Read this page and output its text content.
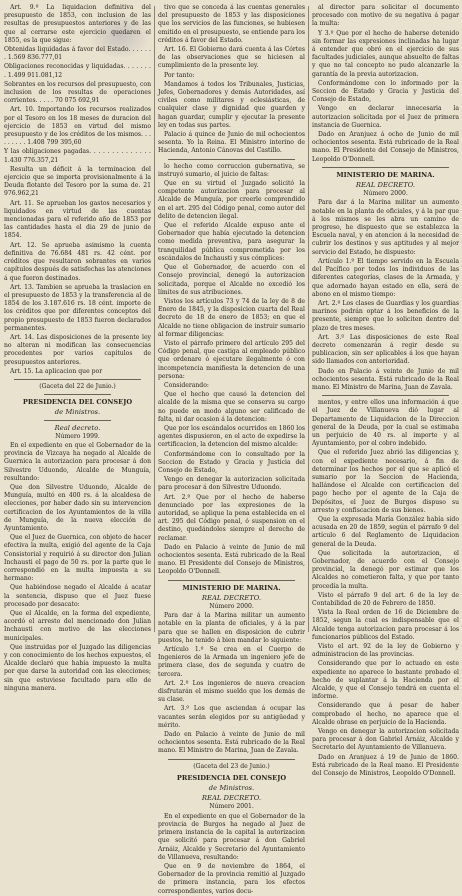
Art. 9.º La liquidacion definitiva del presupuesto de 1853, con inclusion de las resultas de presupuestos anteriores y de las que al cerrarse este ejercicio quedaren el 1855, es la que sigue:

Obtenidas liquidadas á favor del Estado. . . . . . . 1.569 836.777,01

Obligaciones reconocidas y liquidadas. . . . . . . . 1.499 911.081,12

Sobrantes en los recursos del presupuesto, con inclusion de los resultas de operaciones corrientes. . . . . 70 075 692,91

Art. 10. Importando los recursos realizados por el Tesoro en los 18 meses de duracion del ejercicio de 1853 en virtud del mismo presupuesto y de los créditos de los mismos. . . . . . . . . 1.408 799 395,60

Y las obligaciones pagadas. . . . . . . . . . . . . . 1.430 776.357,21

Resulta un déficit á la terminacion del ejercicio que se importa provisionalmente á la Deuda flotante del Tesoro por la suma de. 21 976.962,21

Art. 11. Se aprueban los gastos necesarios y liquidados en virtud de las cuentas mencionadas para el referido año de 1853 por las cantidades hasta el dia 29 de junio de 1854.

Art. 12. Se aprueba asimismo la cuenta definitiva de 76.684 481 rs. 42 cént. por créditos que resultaron sobrantes en varios capítulos después de satisfechas las atenciones á que fueron destinados.

Art. 13. Tambien se aprueba la traslacion en el presupuesto de 1853 y la transferencia al de 1854 de los 3.187.616 rs. 18 cént. importe de los créditos que por diferentes conceptos del propio presupuesto de 1853 fueron declarados permanentes.

Art. 14. Las disposiciones de la presente ley no alteran ni modifican las consecuencias procedentes por varios capítulos de presupuestos anteriores.

Art. 15. La aplicacion que por

(Gaceta del 22 de Junio.)

PRESIDENCIA DEL CONSEJO

de Ministros.

Real decreto.

Número 1999.

En el expediente en que el Gobernador de la provincia de Vizcaya ha negado al Alcalde de Guernica la autorizacion para procesar á don Silvestre Uduondo, Alcalde de Munguía, resultando:

Que don Silvestre Uduondo, Alcalde de Munguía, multó en 400 rs. á la alcaldesa de elecciones, por haber dado sin su intervencion certificacion de los Ayuntamientos de la villa de Munguía, de la nueva elección de Ayuntamiento.

Que el Juez de Guernica, con objeto de hacer efectiva la multa, exigió del agente de la Caja Consistorial y requirió á su director don Julian Inchausti el pago de 50 rs. por la parte que le correspondió en la multa impuesta a su hermano:

Que habiéndose negado el Alcalde á acatar la sentencia, dispuso que el Juez fuese procesado por desacato:

Que el Alcalde, en la forma del expediente, acordó el arresto del mencionado don Julian Inchausti con motivo de las elecciones municipales.

Que instruidas por el Juzgado las diligencias y con conocimiento de los hechos expuestos, el Alcalde declaró que había impuesto la multa por que darse la autoridad con las elecciones; sin que estuviese facultado para ello de ninguna manera.

tivo que se conceda á las cuentas generales del presupuesto de 1853 y las disposiciones que los servicios de las funciones, se hubiesen emitido en el presupuesto, se entiende para los créditos á favor del Estado.

Art. 16. El Gobierno dará cuenta á las Córtes de las observaciones que se hiciesen al cumplimiento de la presente ley.

Por tanto:

Mandamos á todos los Tribunales, Justicias, Jefes, Gobernadores y demás Autoridades, así civiles como militares y eclesiásticas, de cualquier clase y dignidad que guarden y hagan guardar, cumplir y ejecutar la presente ley en todas sus partes.

Palacio á quince de Junio de mil ochocientos sesenta. Yo la Reina. El Ministro interino de Hacienda, Antonio Cánovas del Castillo.

lo hecho como corruccion gubernativa, se instruyó sumario, el juicio de faltas:

Que en su virtud el Juzgado solicitó la competente autorizacion para procesar al Alcalde de Munguía, por creerle comprendido en el art. 295 del Código penal, como autor del delito de detencion ilegal.

Que el referido Alcalde expuso ante el Gobernador que había ejecutado la detencion como medida preventiva, para asegurar la tranquilidad pública comprometida por los escándalos de Inchausti y sus cómplices:

Que el Gobernador, de acuerdo con el Consejo provincial, denegó la autorizacion solicitada, porque el Alcalde no excedió los límites de sus atribuciones.

Vistos los artículos 73 y 74 de la ley de 8 de Enero de 1845, y la disposicion cuarta del Real decreto de 18 de enero de 1853; en que el Alcalde no tiene obligacion de instruir sumario al formar diligencias:

Visto el párrafo primero del artículo 295 del Código penal, que castiga al empleado público que ordenare ó ejecutare ilegalmente ó con incompetencia manifiesta la detencion de una persona:

Considerando:

Que el hecho que causó la detencion del alcalde de la misma que se conserva su cargo no puede en modo alguno ser calificado de falta, ni dar ocasion á la detencion:

Que por los escándalos ocurridos en 1860 los agentes dispusieron, en el acto de expedirse la certificacion, la detencion del mismo alcalde:

Conformándome con lo consultado por la Seccion de Estado y Gracia y Justicia del Consejo de Estado,

Vengo en denegar la autorizacion solicitada para procesar á don Silvestre Uduondo.

Art. 2.º Que por el hecho de haberse denunciado por las expresiones de la autoridad, se aplique la pena establecida en el art. 295 del Código penal, ó suspension en el destino, quedándoles siempre el derecho de reclamar.

Dado en Palacio á veinte de Junio de mil ochocientos sesenta. Está rubricado de la Real mano. El Presidente del Consejo de Ministros, Leopoldo O'Donnell.

MINISTERIO DE MARINA.

REAL DECRETO.

Número 2000.

Para dar á la Marina militar un aumento notable en la planta de oficiales, y á la par para que se hallen en disposicion de cubrir puestos, he tenido á bien mandar lo siguiente:

Artículo 1.º Se crea en el Cuerpo de Ingenieros de la Armada un ingeniero jefe de primera clase, dos de segunda y cuatro de tercera.

Art. 2.º Los ingenieros de nueva creacion disfrutarán el mismo sueldo que los demás de su clase.

Art. 3.º Los que asciendan á ocupar las vacantes serán elegidos por su antigüedad y mérito.

Dado en Palacio á veinte de Junio de mil ochocientos sesenta. Está rubricado de la Real mano. El Ministro de Marina, Juan de Zavala.

(Gaceta del 23 de Junio.)

PRESIDENCIA DEL CONSEJO

de Ministros.

REAL DECRETO.

Número 2001.

En el expediente en que el Gobernador de la provincia de Burgos ha negado al Juez de primera instancia de la capital la autorizacion que solicitó para procesar á don Gabriel Arnáiz, Alcalde y Secretario del Ayuntamiento de Villanueva, resultando:

Que en 9 de noviembre de 1864, el Gobernador de la provincia remitió al Juzgado de primera instancia, para los efectos correspondientes, varios docu-

al director para solicitar el documento procesado con motivo de su negativa á pagar la multa:

Y 3.º Que por el hecho de haberse detenido sin formar las expresiones inclinadas ha lugar á entender que obró en el ejercicio de sus facultades judiciales, aunque absuelto de faltas y que no tal concepto no pudo alcanzarle la garantía de la previa autorizacion.

Conformándome con lo informado por la Seccion de Estado y Gracia y Justicia del Consejo de Estado,

Vengo en declarar innecesaria la autorizacion solicitada por el Juez de primera instancia de Guernica.

Dado en Aranjuez á ocho de Junio de mil ochocientos sesenta. Está rubricado de la Real mano. El Presidente del Consejo de Ministros, Leopoldo O'Donnell.

MINISTERIO DE MARINA.

REAL DECRETO.

Número 2000.

Para dar á la Marina militar un aumento notable en la planta de oficiales, y á la par que á los mismos se les abra un camino de progreso, he dispuesto que se establezca la Escuela naval, y en atencion á la necesidad de cubrir los destinos y sus aptitudes y al mejor servicio del Estado, he dispuesto:

Artículo 1.º El tiempo servido en la Escuela del Pacífico por todos los individuos de las diferentes categorías, clases de la Armada, y que adornado hayan estado en ella, será de abono en el mismo tiempo:

Art. 2.º Los clases de Guardias y los guardias marinos podrán optar á los beneficios de la presente, siempre que lo soliciten dentro del plazo de tres meses.

Art. 3.º Las disposiciones de este Real decreto comenzarán á regir desde su publicacion, sin ser aplicables á los que hayan sido llamados con anterioridad.

Dado en Palacio á veinte de Junio de mil ochocientos sesenta. Está rubricado de la Real mano. El Ministro de Marina, Juan de Zavala.

mentos, y entre ellos una información á que el Juez de Villanueva dió lugar al Departamento de Liquidacion de la Direccion general de la Deuda, por la cual se estimaba un perjuicio de 40 rs. al importe y al Ayuntamiento, por el cobro indebido.

Que el referido Juez abrió las diligencias y, con el expediente necesario, á fin de determinar los hechos por el que se aplicó el sumario por la Seccion de Hacienda, hallándose el Alcalde con certificacion del pago hecho por el agente de la Caja de Depósitos, el Juez de Burgos dispuso su arresto y confiscacion de sus bienes.

Que la expresada María González había sido acusada en 20 de 1859, según el párrafo 9 del artículo 6 del Reglamento de Liquidacion general de la Deuda.

Que solicitada la autorizacion, el Gobernador, de acuerdo con el Consejo provincial, la denegó por estimar que los Alcaldes no cometieron falta, y que por tanto procedía la multa.

Visto el párrafo 9 del art. 6 de la ley de Contabilidad de 20 de Febrero de 1850.

Vista la Real orden de 16 de Diciembre de 1852, segun la cual es indispensable que el Alcalde tenga autorizacion para procesar á los funcionarios públicos del Estado.

Visto el art. 92 de la ley de Gobierno y administracion de las provincias.

Considerando que por lo actuado en este expediente no aparece lo bastante probado el hecho de suplantar á la Hacienda por el Alcalde, y que el Consejo tendrá en cuenta el informe.

Considerando que á pesar de haber comprobado el hecho, no aparece que el Alcalde obrase en perjuicio de la Hacienda.

Vengo en denegar la autorizacion solicitada para procesar á don Gabriel Arnáiz, Alcalde y Secretario del Ayuntamiento de Villanueva.

Dado en Aranjuez á 19 de Junio de 1860. Está rubricado de la Real mano. El Presidente del Consejo de Ministros, Leopoldo O'Donnell.
